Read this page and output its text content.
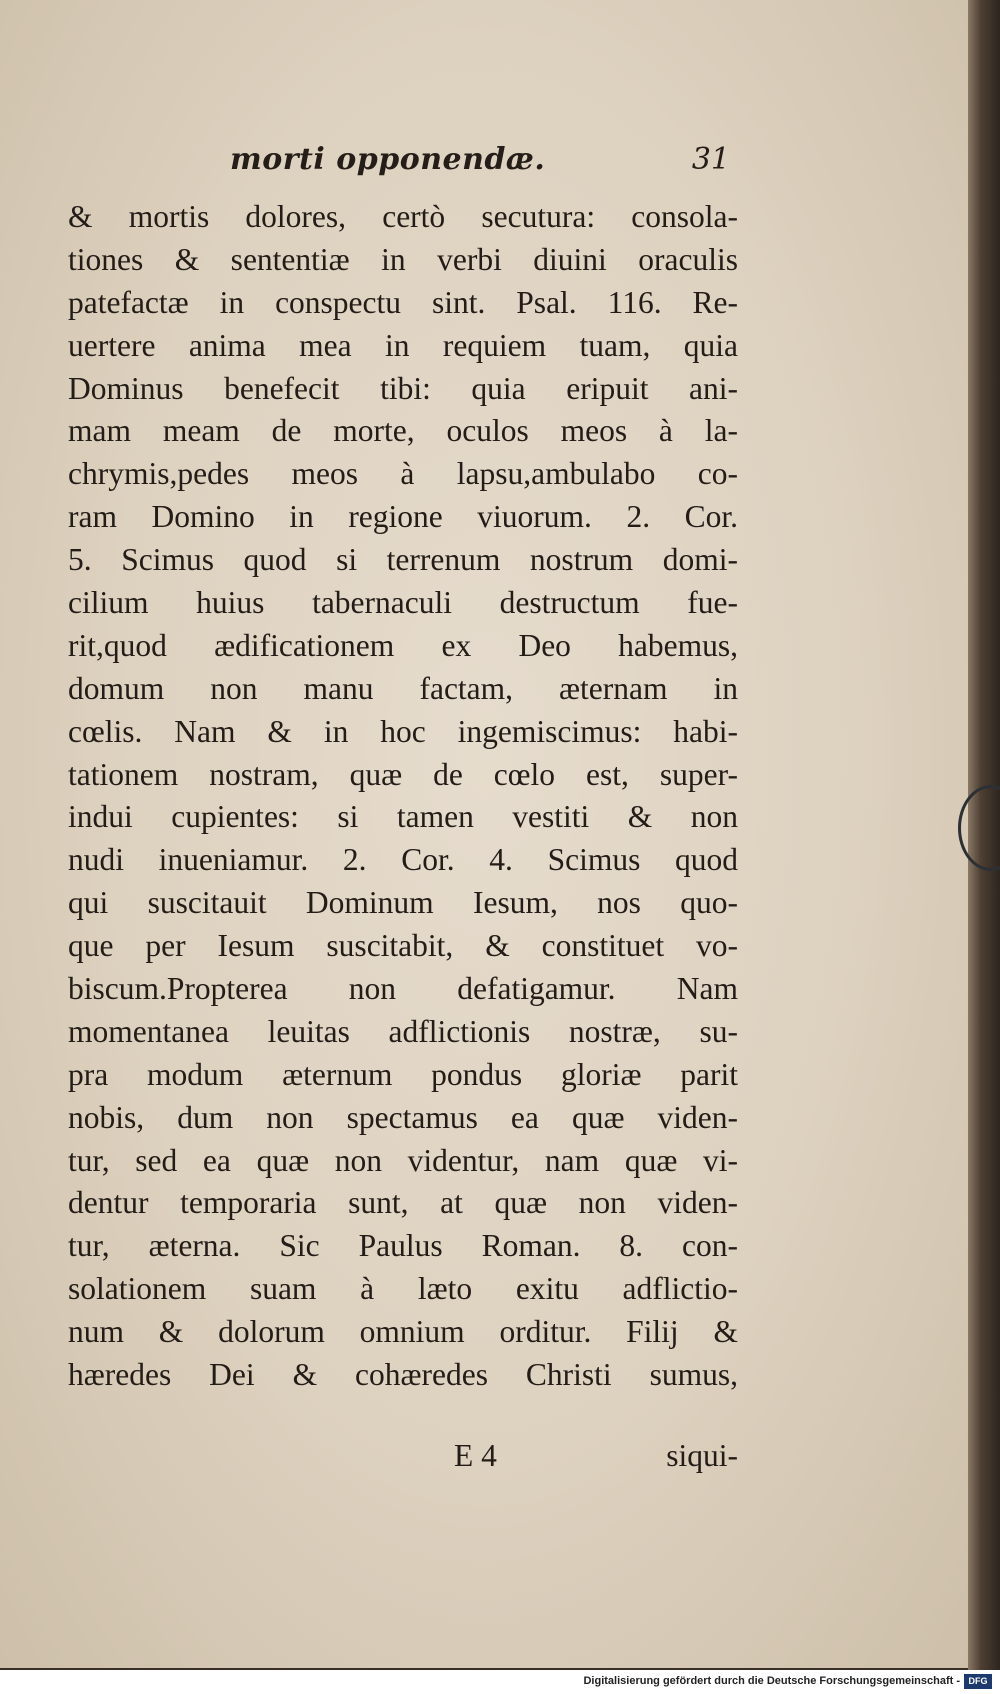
morti opponendæ.	31
& mortis dolores, certò secutura: consola-
tiones & sententiæ in verbi diuini oraculis
patefactæ in conspectu sint. Psal. 116. Re-
uertere anima mea in requiem tuam, quia
Dominus benefecit tibi: quia eripuit ani-
mam meam de morte, oculos meos à la-
chrymis,pedes meos à lapsu,ambulabo co-
ram Domino in regione viuorum. 2. Cor.
5. Scimus quod si terrenum nostrum domi-
cilium huius tabernaculi destructum fue-
rit,quod ædificationem ex Deo habemus,
domum non manu factam, æternam in
cœlis. Nam & in hoc ingemiscimus: habi-
tationem nostram, quæ de cœlo est, super-
indui cupientes: si tamen vestiti & non
nudi inueniamur. 2. Cor. 4. Scimus quod
qui suscitauit Dominum Iesum, nos quo-
que per Iesum suscitabit, & constituet vo-
biscum.Propterea non defatigamur. Nam
momentanea leuitas adflictionis nostræ, su-
pra modum æternum pondus gloriæ parit
nobis, dum non spectamus ea quæ viden-
tur, sed ea quæ non videntur, nam quæ vi-
dentur temporaria sunt, at quæ non viden-
tur, æterna. Sic Paulus Roman. 8. con-
solationem suam à læto exitu adflictio-
num & dolorum omnium orditur. Filij &
hæredes Dei & cohæredes Christi sumus,
E 4	siqui-
Digitalisierung gefördert durch die Deutsche Forschungsgemeinschaft - DFG
